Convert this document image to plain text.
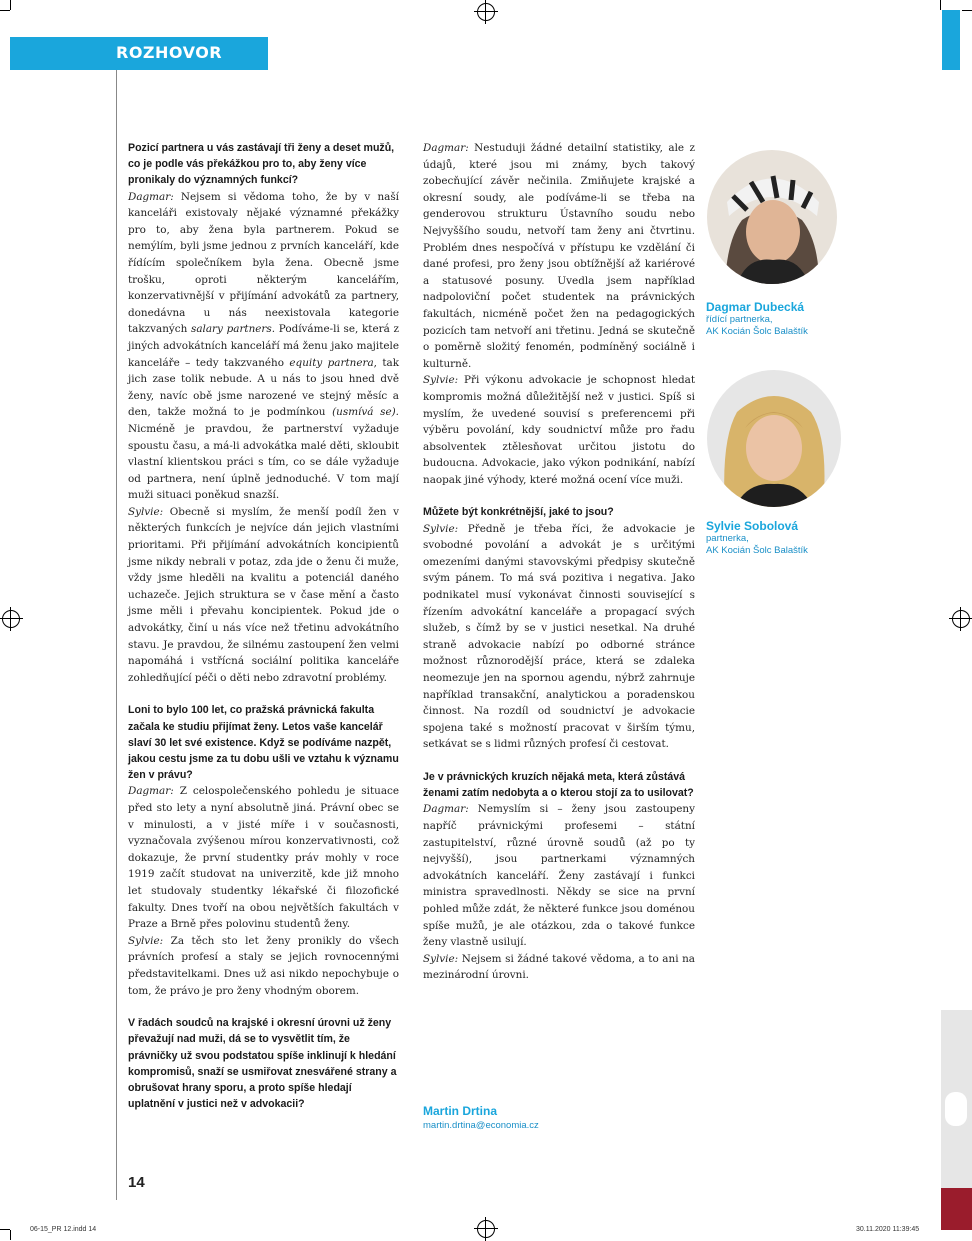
ROZHOVOR

Pozicí partnera u vás zastávají tři ženy a deset mužů, co je podle vás překážkou pro to, aby ženy více pronikaly do významných funkcí?

Dagmar: Nejsem si vědoma toho, že by v naší kanceláři existovaly nějaké významné překážky pro to, aby žena byla partnerem. Pokud se nemýlím, byli jsme jednou z prvních kanceláří, kde řídícím společníkem byla žena. Obecně jsme trošku, oproti některým kancelářím, konzervativnější v přijímání advokátů za partnery, donedávna u nás neexistovala kategorie takzvaných salary partners. Podíváme-li se, která z jiných advokátních kanceláří má ženu jako majitele kanceláře – tedy takzvaného equity partnera, tak jich zase tolik nebude. A u nás to jsou hned dvě ženy, navíc obě jsme narozené ve stejný měsíc a den, takže možná to je podmínkou (usmívá se). Nicméně je pravdou, že partnerství vyžaduje spoustu času, a má-li advokátka malé děti, skloubit vlastní klientskou práci s tím, co se dále vyžaduje od partnera, není úplně jednoduché. V tom mají muži situaci poněkud snazší.

Sylvie: Obecně si myslím, že menší podíl žen v některých funkcích je nejvíce dán jejich vlastními prioritami. Při přijímání advokátních koncipientů jsme nikdy nebrali v potaz, zda jde o ženu či muže, vždy jsme hleděli na kvalitu a potenciál daného uchazeče. Jejich struktura se v čase mění a často jsme měli i převahu koncipientek. Pokud jde o advokátky, činí u nás více než třetinu advokátního stavu. Je pravdou, že silnému zastoupení žen velmi napomáhá i vstřícná sociální politika kanceláře zohledňující péči o děti nebo zdravotní problémy.

Loni to bylo 100 let, co pražská právnická fakulta začala ke studiu přijímat ženy. Letos vaše kancelář slaví 30 let své existence. Když se podíváme nazpět, jakou cestu jsme za tu dobu ušli ve vztahu k významu žen v právu?

Dagmar: Z celospolečenského pohledu je situace před sto lety a nyní absolutně jiná. Právní obec se v minulosti, a v jisté míře i v současnosti, vyznačovala zvýšenou mírou konzervativnosti, což dokazuje, že první studentky práv mohly v roce 1919 začít studovat na univerzitě, kde již mnoho let studovaly studentky lékařské či filozofické fakulty. Dnes tvoří na obou největších fakultách v Praze a Brně přes polovinu studentů ženy.

Sylvie: Za těch sto let ženy pronikly do všech právních profesí a staly se jejich rovnocennými představitelkami. Dnes už asi nikdo nepochybuje o tom, že právo je pro ženy vhodným oborem.

V řadách soudců na krajské i okresní úrovni už ženy převažují nad muži, dá se to vysvětlit tím, že právničky už svou podstatou spíše inklinují k hledání kompromisů, snaží se usmiřovat znesvářené strany a obrušovat hrany sporu, a proto spíše hledají uplatnění v justici než v advokacii?

Dagmar: Nestuduji žádné detailní statistiky, ale z údajů, které jsou mi známy, bych takový zobecňující závěr nečinila. Zmiňujete krajské a okresní soudy, ale podíváme-li se třeba na genderovou strukturu Ústavního soudu nebo Nejvyššího soudu, netvoří tam ženy ani čtvrtinu. Problém dnes nespočívá v přístupu ke vzdělání či dané profesi, pro ženy jsou obtížnější až kariérové a statusové posuny. Uvedla jsem například nadpoloviční počet studentek na právnických fakultách, nicméně počet žen na pedagogických pozicích tam netvoří ani třetinu. Jedná se skutečně o poměrně složitý fenomén, podmíněný sociálně i kulturně.

Sylvie: Při výkonu advokacie je schopnost hledat kompromis možná důležitější než v justici. Spíš si myslím, že uvedené souvisí s preferencemi při výběru povolání, kdy soudnictví může pro řadu absolventek ztělesňovat určitou jistotu do budoucna. Advokacie, jako výkon podnikání, nabízí naopak jiné výhody, které možná ocení více muži.

Můžete být konkrétnější, jaké to jsou?

Sylvie: Předně je třeba říci, že advokacie je svobodné povolání a advokát je s určitými omezeními danými stavovskými předpisy skutečně svým pánem. To má svá pozitiva i negativa. Jako podnikatel musí vykonávat činnosti související s řízením advokátní kanceláře a propagací svých služeb, s čímž by se v justici nesetkal. Na druhé straně advokacie nabízí po odborné stránce možnost různorodější práce, která se zdaleka neomezuje jen na spornou agendu, nýbrž zahrnuje například transakční, analytickou a poradenskou činnost. Na rozdíl od soudnictví je advokacie spojena také s možností pracovat v širším týmu, setkávat se s lidmi různých profesí či cestovat.

Je v právnických kruzích nějaká meta, která zůstává ženami zatím nedobyta a o kterou stojí za to usilovat?

Dagmar: Nemyslím si – ženy jsou zastoupeny napříč právnickými profesemi – státní zastupitelství, různé úrovně soudů (až po ty nejvyšší), jsou partnerkami významných advokátních kanceláří. Ženy zastávají i funkci ministra spravedlnosti. Někdy se sice na první pohled může zdát, že některé funkce jsou doménou spíše mužů, je ale otázkou, zda o takové funkce ženy vlastně usilují.

Sylvie: Nejsem si žádné takové vědoma, a to ani na mezinárodní úrovni.

Martin Drtina
martin.drtina@economia.cz
Dagmar Dubecká
řídící partnerka,
AK Kocián Šolc Balaštík
Sylvie Sobolová
partnerka,
AK Kocián Šolc Balaštík
14
06-15_PR 12.indd 14	30.11.2020 11:39:45
